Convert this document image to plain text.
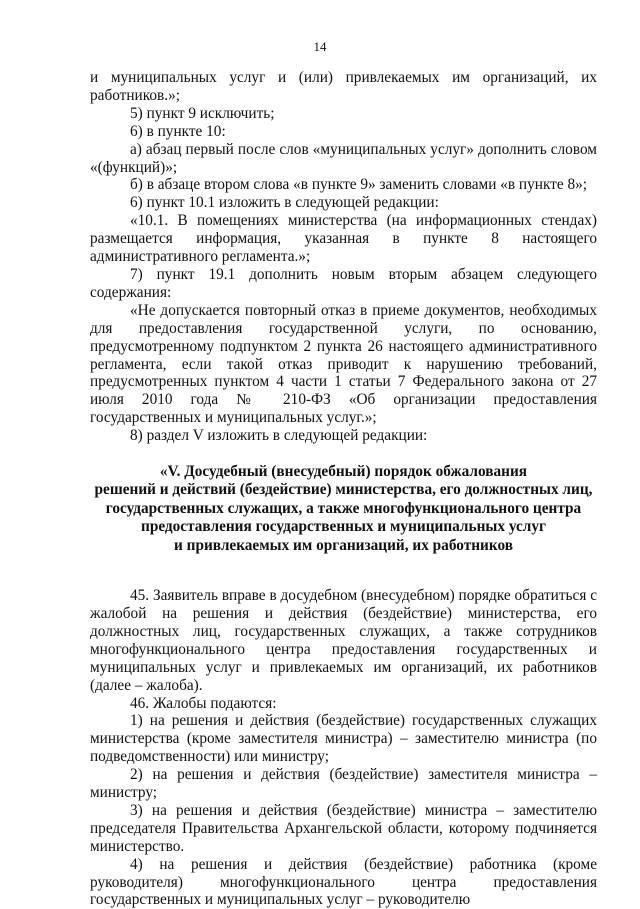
14

и муниципальных услуг и (или) привлекаемых им организаций, их работников.»;

5) пункт 9 исключить;

6) в пункте 10:

а) абзац первый после слов «муниципальных услуг» дополнить словом «(функций)»;

б) в абзаце втором слова «в пункте 9» заменить словами «в пункте 8»;

6) пункт 10.1 изложить в следующей редакции:

«10.1. В помещениях министерства (на информационных стендах) размещается информация, указанная в пункте 8 настоящего административного регламента.»;

7) пункт 19.1 дополнить новым вторым абзацем следующего содержания:

«Не допускается повторный отказ в приеме документов, необходимых для предоставления государственной услуги, по основанию, предусмотренному подпунктом 2 пункта 26 настоящего административного регламента, если такой отказ приводит к нарушению требований, предусмотренных пунктом 4 части 1 статьи 7 Федерального закона от 27 июля 2010 года № 210-ФЗ «Об организации предоставления государственных и муниципальных услуг.»;

8) раздел V изложить в следующей редакции:

«V. Досудебный (внесудебный) порядок обжалования
решений и действий (бездействие) министерства, его должностных лиц,
государственных служащих, а также многофункционального центра
предоставления государственных и муниципальных услуг
и привлекаемых им организаций, их работников

45. Заявитель вправе в досудебном (внесудебном) порядке обратиться с жалобой на решения и действия (бездействие) министерства, его должностных лиц, государственных служащих, а также сотрудников многофункционального центра предоставления государственных и муниципальных услуг и привлекаемых им организаций, их работников (далее – жалоба).

46. Жалобы подаются:

1) на решения и действия (бездействие) государственных служащих министерства (кроме заместителя министра) – заместителю министра (по подведомственности) или министру;

2) на решения и действия (бездействие) заместителя министра – министру;

3) на решения и действия (бездействие) министра – заместителю председателя Правительства Архангельской области, которому подчиняется министерство.

4) на решения и действия (бездействие) работника (кроме руководителя) многофункционального центра предоставления государственных и муниципальных услуг – руководителю
